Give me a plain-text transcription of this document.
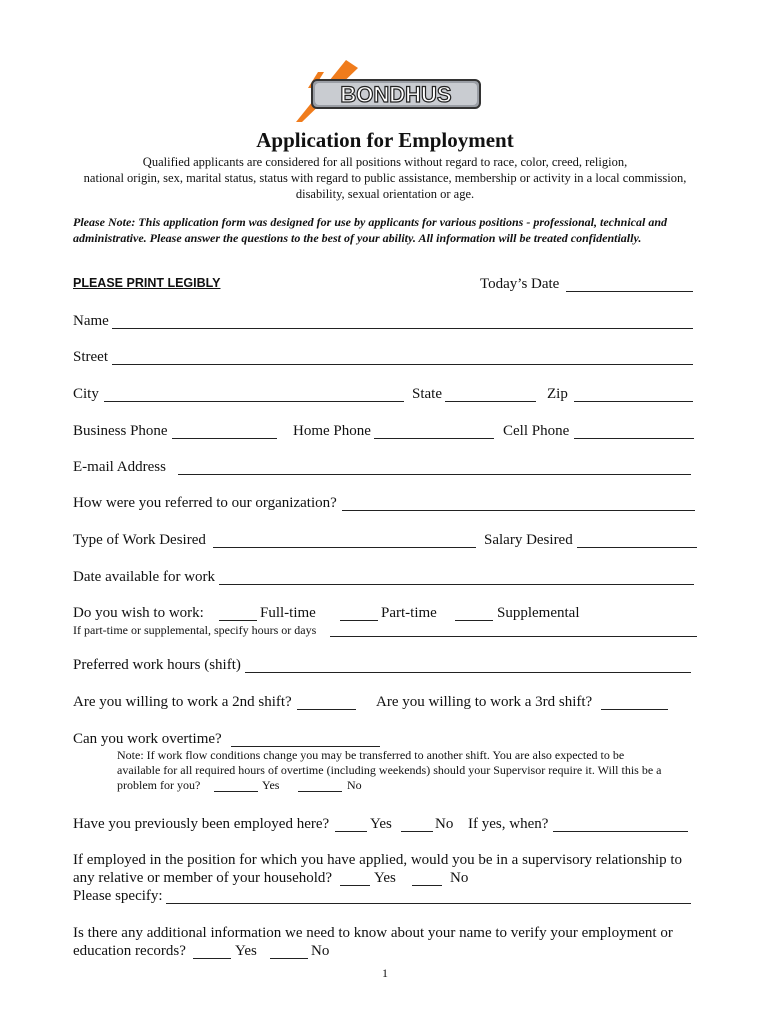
BONDHUS
Application for Employment
Qualified applicants are considered for all positions without regard to race, color, creed, religion,
national origin, sex, marital status, status with regard to public assistance, membership or activity in a local commission,
disability, sexual orientation or age.
Please Note: This application form was designed for use by applicants for various positions - professional, technical and administrative. Please answer the questions to the best of your ability. All information will be treated confidentially.
PLEASE PRINT LEGIBLY	Today’s Date
Name
Street
City	State	Zip
Business Phone	Home Phone	Cell Phone
E-mail Address
How were you referred to our organization?
Type of Work Desired	Salary Desired
Date available for work
Do you wish to work:	Full-time	Part-time	Supplemental
If part-time or supplemental, specify hours or days
Preferred work hours (shift)
Are you willing to work a 2nd shift?	Are you willing to work a 3rd shift?
Can you work overtime?
Note: If work flow conditions change you may be transferred to another shift. You are also expected to be
available for all required hours of overtime (including weekends) should your Supervisor require it. Will this be a
problem for you?	Yes	No
Have you previously been employed here?	Yes	No If yes, when?
If employed in the position for which you have applied, would you be in a supervisory relationship to
any relative or member of your household?	Yes	No
Please specify:
Is there any additional information we need to know about your name to verify your employment or
education records?	Yes	No
1
